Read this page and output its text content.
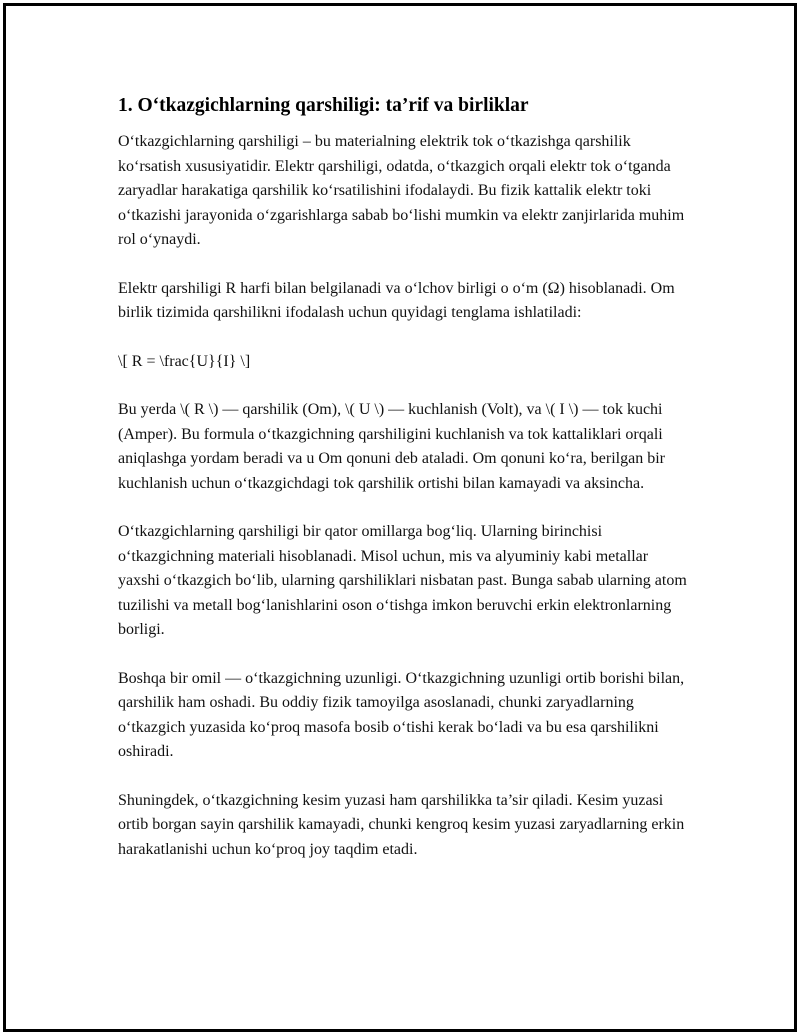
1. O‘tkazgichlarning qarshiligi: ta’rif va birliklar

O‘tkazgichlarning qarshiligi – bu materialning elektrik tok o‘tkazishga qarshilik ko‘rsatish xususiyatidir. Elektr qarshiligi, odatda, o‘tkazgich orqali elektr tok o‘tganda zaryadlar harakatiga qarshilik ko‘rsatilishini ifodalaydi. Bu fizik kattalik elektr toki o‘tkazishi jarayonida o‘zgarishlarga sabab bo‘lishi mumkin va elektr zanjirlarida muhim rol o‘ynaydi.

Elektr qarshiligi R harfi bilan belgilanadi va o‘lchov birligi o o‘m (Ω) hisoblanadi. Om birlik tizimida qarshilikni ifodalash uchun quyidagi tenglama ishlatiladi:

\[ R = \frac{U}{I} \]

Bu yerda \( R \) — qarshilik (Om), \( U \) — kuchlanish (Volt), va \( I \) — tok kuchi (Amper). Bu formula o‘tkazgichning qarshiligini kuchlanish va tok kattaliklari orqali aniqlashga yordam beradi va u Om qonuni deb ataladi. Om qonuni ko‘ra, berilgan bir kuchlanish uchun o‘tkazgichdagi tok qarshilik ortishi bilan kamayadi va aksincha.

O‘tkazgichlarning qarshiligi bir qator omillarga bog‘liq. Ularning birinchisi o‘tkazgichning materiali hisoblanadi. Misol uchun, mis va alyuminiy kabi metallar yaxshi o‘tkazgich bo‘lib, ularning qarshiliklari nisbatan past. Bunga sabab ularning atom tuzilishi va metall bog‘lanishlarini oson o‘tishga imkon beruvchi erkin elektronlarning borligi.

Boshqa bir omil — o‘tkazgichning uzunligi. O‘tkazgichning uzunligi ortib borishi bilan, qarshilik ham oshadi. Bu oddiy fizik tamoyilga asoslanadi, chunki zaryadlarning o‘tkazgich yuzasida ko‘proq masofa bosib o‘tishi kerak bo‘ladi va bu esa qarshilikni oshiradi.

Shuningdek, o‘tkazgichning kesim yuzasi ham qarshilikka ta’sir qiladi. Kesim yuzasi ortib borgan sayin qarshilik kamayadi, chunki kengroq kesim yuzasi zaryadlarning erkin harakatlanishi uchun ko‘proq joy taqdim etadi.
